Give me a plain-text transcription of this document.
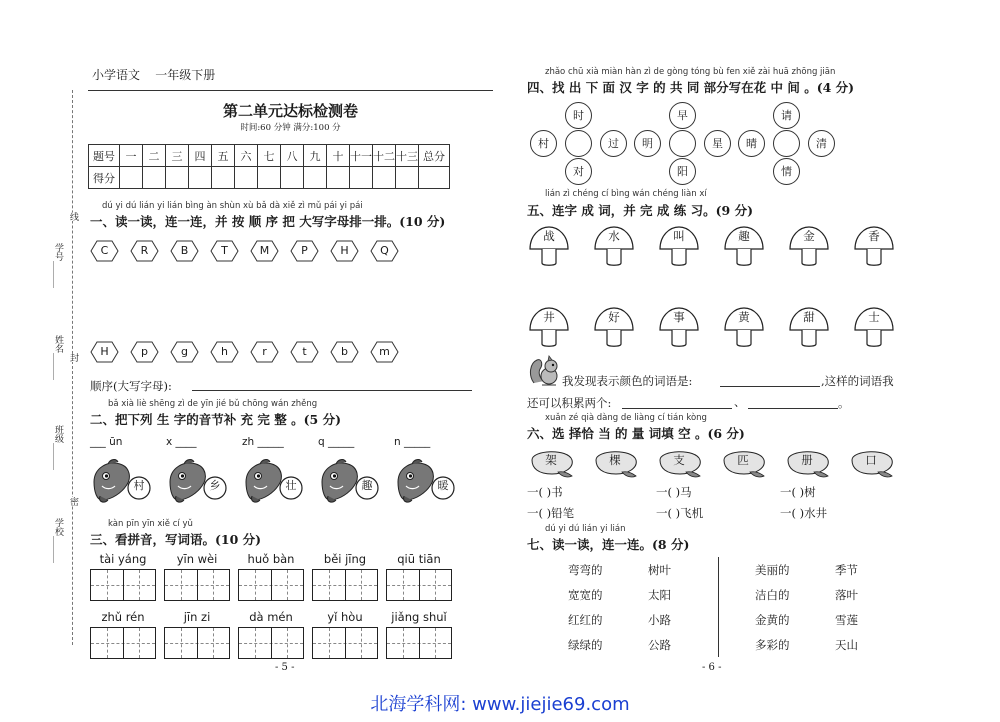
小学语文 一年级下册
学号______
姓名______
班级______
学校______
线
封
密
第二单元达标检测卷
时间:60 分钟 满分:100 分
题号	一	二	三	四	五	六	七	八	九	十	十一	十二	十三	总分
得分														
dú yi dú lián yi lián bìng àn shùn xù bǎ dà xiě zì mǔ pái yi pái
一、读一读，连一连，并 按 顺 序 把 大写字母排一排。(10 分)
C	R	B	T	M	P	H	Q
H	p	g	h	r	t	b	m
顺序(大写字母):
bǎ xià liè shēng zì de yīn jié bǔ chōng wán zhěng
二、把下列 生 字的音节补 充 完 整 。(5 分)
___ ūn
村
x ____
乡
zh _____
壮
q _____
趣
n _____
暖
kàn pīn yīn xiě cí yǔ
三、看拼音，写词语。(10 分)
tài yáng	yīn wèi	huǒ bàn	běi jīng	qiū tiān
zhǔ rén	jīn zi	dà mén	yǐ hòu	jiǎng shuǐ
- 5 -
zhǎo chū xià miàn hàn zì de gòng tóng bù fen xiě zài huā zhōng jiān
四、找 出 下 面 汉 字 的 共 同 部分写在花 中 间 。(4 分)
时
村	过
对
早
明	星
阳
请
晴	清
情
lián zì chéng cí bìng wán chéng liàn xí
五、连字 成 词，并 完 成 练 习。(9 分)
战	水	叫	趣	金	香
井	好	事	黄	甜	士
我发现表示颜色的词语是:	,这样的词语我
还可以积累两个:	、	。
xuǎn zé qià dàng de liàng cí tián kòng
六、选 择恰 当 的 量 词填 空 。(6 分)
架	棵	支	匹	册	口
一( )书	一( )马	一( )树
一( )铅笔	一( )飞机	一( )水井
dú yi dú lián yi lián
七、读一读，连一连。(8 分)
弯弯的
宽宽的
红红的
绿绿的
树叶
太阳
小路
公路
美丽的
洁白的
金黄的
多彩的
季节
落叶
雪莲
天山
- 6 -
北海学科网: www.jiejie69.com
